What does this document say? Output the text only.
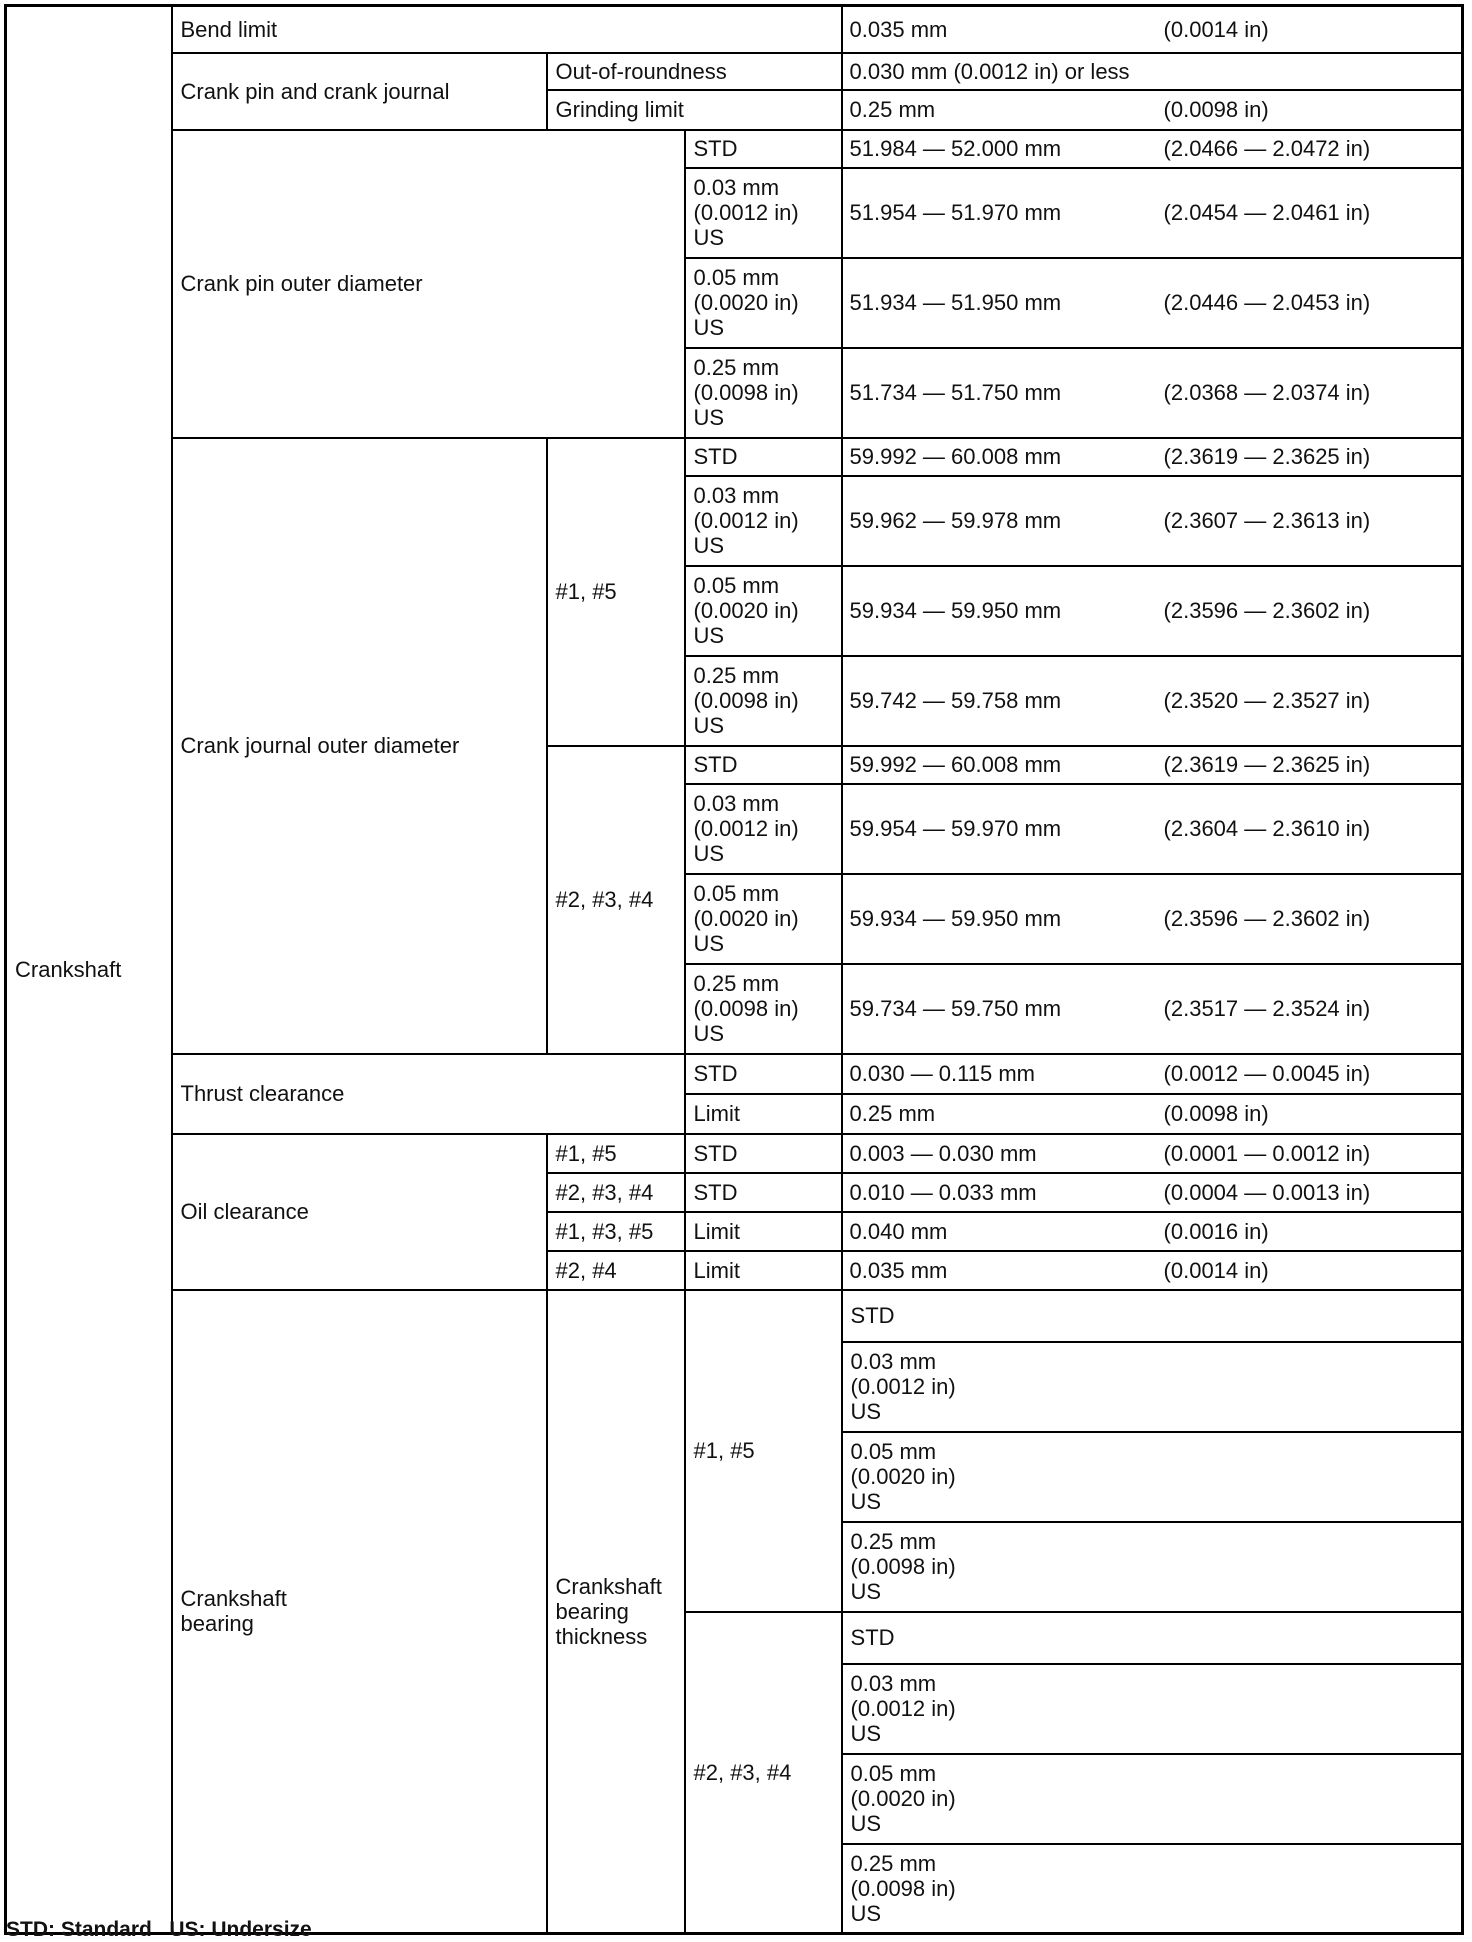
Crankshaft	Bend limit			0.035 mm (0.0014 in)	

	Crank pin and crank journal	Out-of-roundness		0.030 mm (0.0012 in) or less	

		Grinding limit		0.25 mm (0.0098 in)	

	Crank pin outer diameter		STD	51.984 — 52.000 mm (2.0466 — 2.0472 in)	

			0.03 mm
(0.0012 in)
US	51.954 — 51.970 mm (2.0454 — 2.0461 in)	

			0.05 mm
(0.0020 in)
US	51.934 — 51.950 mm (2.0446 — 2.0453 in)	

			0.25 mm
(0.0098 in)
US	51.734 — 51.750 mm (2.0368 — 2.0374 in)	

	Crank journal outer diameter	#1, #5	STD	59.992 — 60.008 mm (2.3619 — 2.3625 in)	

			0.03 mm
(0.0012 in)
US	59.962 — 59.978 mm (2.3607 — 2.3613 in)	

			0.05 mm
(0.0020 in)
US	59.934 — 59.950 mm (2.3596 — 2.3602 in)	

			0.25 mm
(0.0098 in)
US	59.742 — 59.758 mm (2.3520 — 2.3527 in)	

		#2, #3, #4	STD	59.992 — 60.008 mm (2.3619 — 2.3625 in)	

			0.03 mm
(0.0012 in)
US	59.954 — 59.970 mm (2.3604 — 2.3610 in)	

			0.05 mm
(0.0020 in)
US	59.934 — 59.950 mm (2.3596 — 2.3602 in)	

			0.25 mm
(0.0098 in)
US	59.734 — 59.750 mm (2.3517 — 2.3524 in)	

	Thrust clearance		STD	0.030 — 0.115 mm (0.0012 — 0.0045 in)	

			Limit	0.25 mm (0.0098 in)	

	Oil clearance	#1, #5	STD	0.003 — 0.030 mm (0.0001 — 0.0012 in)	

		#2, #3, #4	STD	0.010 — 0.033 mm (0.0004 — 0.0013 in)	

		#1, #3, #5	Limit	0.040 mm (0.0016 in)	

		#2, #4	Limit	0.035 mm (0.0014 in)	

	Crankshaft
bearing	Crankshaft bearing thickness	#1, #5	STD	

				0.03 mm
(0.0012 in)
US	

				0.05 mm
(0.0020 in)
US	

				0.25 mm
(0.0098 in)
US	

			#2, #3, #4	STD	

				0.03 mm
(0.0012 in)
US	

				0.05 mm
(0.0020 in)
US	

				0.25 mm
(0.0098 in)
US	
STD: Standard   US: Undersize
